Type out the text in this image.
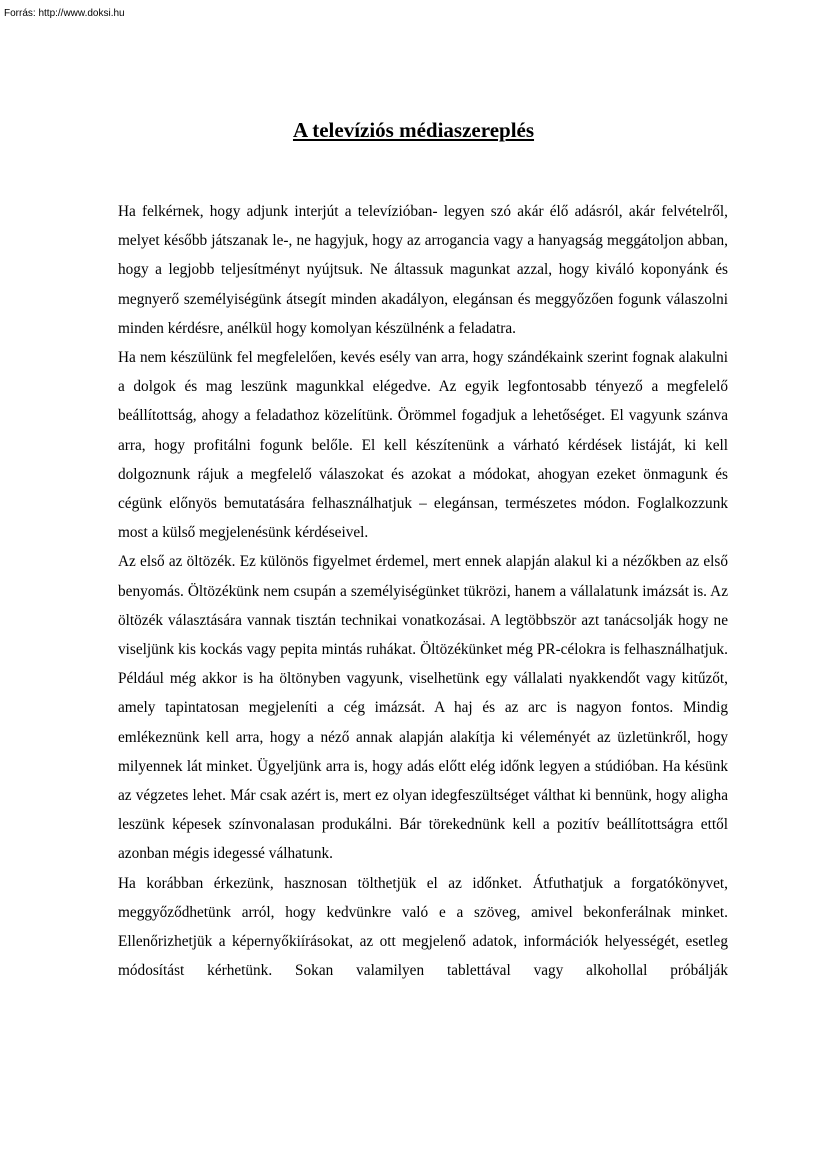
Forrás: http://www.doksi.hu
A televíziós médiaszereplés

Ha felkérnek, hogy adjunk interjút a televízióban- legyen szó akár élő adásról, akár felvételről, melyet később játszanak le-, ne hagyjuk, hogy az arrogancia vagy a hanyagság meggátoljon abban, hogy a legjobb teljesítményt nyújtsuk. Ne áltassuk magunkat azzal, hogy kiváló koponyánk és megnyerő személyiségünk átsegít minden akadályon, elegánsan és meggyőzően fogunk válaszolni minden kérdésre, anélkül hogy komolyan készülnénk a feladatra.

Ha nem készülünk fel megfelelően, kevés esély van arra, hogy szándékaink szerint fognak alakulni a dolgok és mag leszünk magunkkal elégedve. Az egyik legfontosabb tényező a megfelelő beállítottság, ahogy a feladathoz közelítünk. Örömmel fogadjuk a lehetőséget. El vagyunk szánva arra, hogy profitálni fogunk belőle. El kell készítenünk a várható kérdések listáját, ki kell dolgoznunk rájuk a megfelelő válaszokat és azokat a módokat, ahogyan ezeket önmagunk és cégünk előnyös bemutatására felhasználhatjuk – elegánsan, természetes módon. Foglalkozzunk most a külső megjelenésünk kérdéseivel.

Az első az öltözék. Ez különös figyelmet érdemel, mert ennek alapján alakul ki a nézőkben az első benyomás. Öltözékünk nem csupán a személyiségünket tükrözi, hanem a vállalatunk imázsát is. Az öltözék választására vannak tisztán technikai vonatkozásai. A legtöbbször azt tanácsolják hogy ne viseljünk kis kockás vagy pepita mintás ruhákat. Öltözékünket még PR-célokra is felhasználhatjuk. Például még akkor is ha öltönyben vagyunk, viselhetünk egy vállalati nyakkendőt vagy kitűzőt, amely tapintatosan megjeleníti a cég imázsát. A haj és az arc is nagyon fontos. Mindig emlékeznünk kell arra, hogy a néző annak alapján alakítja ki véleményét az üzletünkről, hogy milyennek lát minket. Ügyeljünk arra is, hogy adás előtt elég időnk legyen a stúdióban. Ha késünk az végzetes lehet. Már csak azért is, mert ez olyan idegfeszültséget válthat ki bennünk, hogy aligha leszünk képesek színvonalasan produkálni. Bár törekednünk kell a pozitív beállítottságra ettől azonban mégis idegessé válhatunk.

Ha korábban érkezünk, hasznosan tölthetjük el az időnket. Átfuthatjuk a forgatókönyvet, meggyőződhetünk arról, hogy kedvünkre való e a szöveg, amivel bekonferálnak minket. Ellenőrizhetjük a képernyőkiírásokat, az ott megjelenő adatok, információk helyességét, esetleg módosítást kérhetünk. Sokan valamilyen tablettával vagy alkohollal próbálják
